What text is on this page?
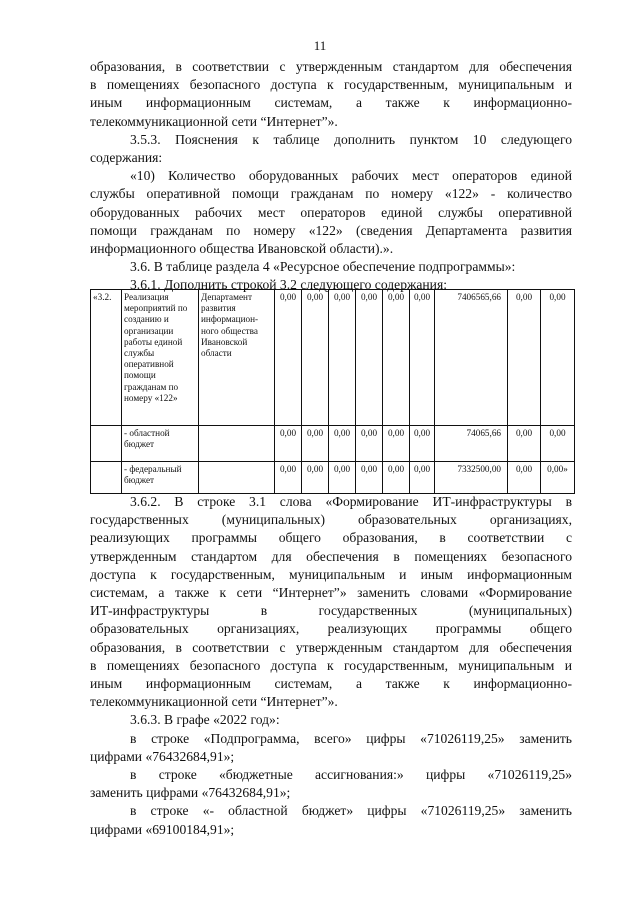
11
образования, в соответствии с утвержденным стандартом для обеспечения
в помещениях безопасного доступа к государственным, муниципальным и
иным информационным системам, а также к информационно-
телекоммуникационной сети “Интернет”».
3.5.3. Пояснения к таблице дополнить пунктом 10 следующего
содержания:
«10) Количество оборудованных рабочих мест операторов единой
службы оперативной помощи гражданам по номеру «122» - количество
оборудованных рабочих мест операторов единой службы оперативной
помощи гражданам по номеру «122» (сведения Департамента развития
информационного общества Ивановской области).».
3.6. В таблице раздела 4 «Ресурсное обеспечение подпрограммы»:
3.6.1. Дополнить строкой 3.2 следующего содержания:
«3.2.	Реализация мероприятий по созданию и организации работы единой службы оперативной помощи гражданам по номеру «122»	Департамент развития информацион-ного общества Ивановской области	0,00	0,00	0,00	0,00	0,00	0,00	7406565,66	0,00	0,00
	- областной бюджет		0,00	0,00	0,00	0,00	0,00	0,00	74065,66	0,00	0,00
	- федеральный бюджет		0,00	0,00	0,00	0,00	0,00	0,00	7332500,00	0,00	0,00»
3.6.2. В строке 3.1 слова «Формирование ИТ-инфраструктуры в
государственных (муниципальных) образовательных организациях,
реализующих программы общего образования, в соответствии с
утвержденным стандартом для обеспечения в помещениях безопасного
доступа к государственным, муниципальным и иным информационным
системам, а также к сети “Интернет”» заменить словами «Формирование
ИТ-инфраструктуры в государственных (муниципальных)
образовательных организациях, реализующих программы общего
образования, в соответствии с утвержденным стандартом для обеспечения
в помещениях безопасного доступа к государственным, муниципальным и
иным информационным системам, а также к информационно-
телекоммуникационной сети “Интернет”».
3.6.3. В графе «2022 год»:
в строке «Подпрограмма, всего» цифры «71026119,25» заменить
цифрами «76432684,91»;
в строке «бюджетные ассигнования:» цифры «71026119,25»
заменить цифрами «76432684,91»;
в строке «- областной бюджет» цифры «71026119,25» заменить
цифрами «69100184,91»;
